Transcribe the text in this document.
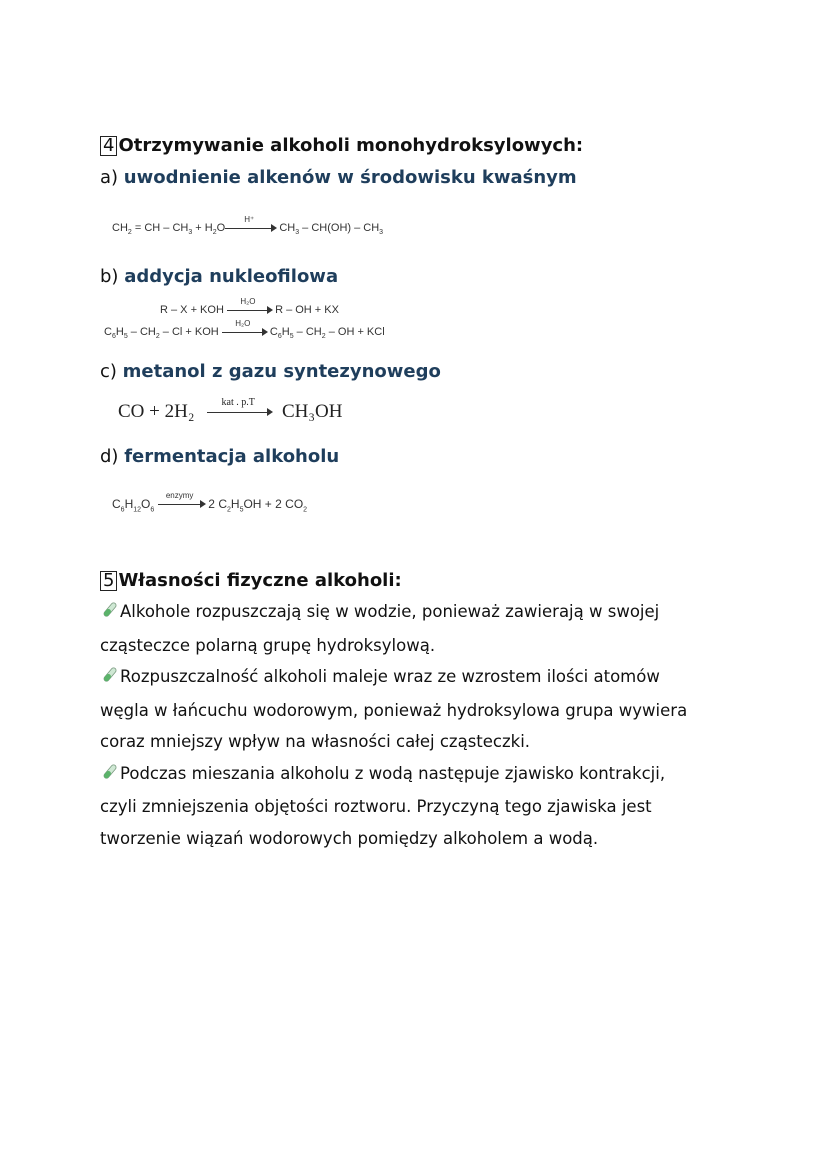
4 Otrzymywanie alkoholi monohydroksylowych:
a) uwodnienie alkenów w środowisku kwaśnym
$CH_2$ = CH – $CH_3 + H_2O$
H⁺
$CH_3 - CH(OH) - CH_3$
b) addycja nukleofilowa
R – X + KOH
H₂O
R – OH + KX
$C_6H_5 - CH_2$ – Cl + KOH
H₂O
$C_6H_5 - CH_2$ – OH + KCl
c) metanol z gazu syntezynowego
CO + 2H₂	kat . p.T	CH₃OH
d) fermentacja alkoholu
$C_6H_{12}O_6$
enzymy
2 $C_2H_5OH + 2$ $CO_2$
5 Własności fizyczne alkoholi:
Alkohole rozpuszczają się w wodzie, ponieważ zawierają w swojej
cząsteczce polarną grupę hydroksylową.
Rozpuszczalność alkoholi maleje wraz ze wzrostem ilości atomów
węgla w łańcuchu wodorowym, ponieważ hydroksylowa grupa wywiera
coraz mniejszy wpływ na własności całej cząsteczki.
Podczas mieszania alkoholu z wodą następuje zjawisko kontrakcji,
czyli zmniejszenia objętości roztworu. Przyczyną tego zjawiska jest
tworzenie wiązań wodorowych pomiędzy alkoholem a wodą.
